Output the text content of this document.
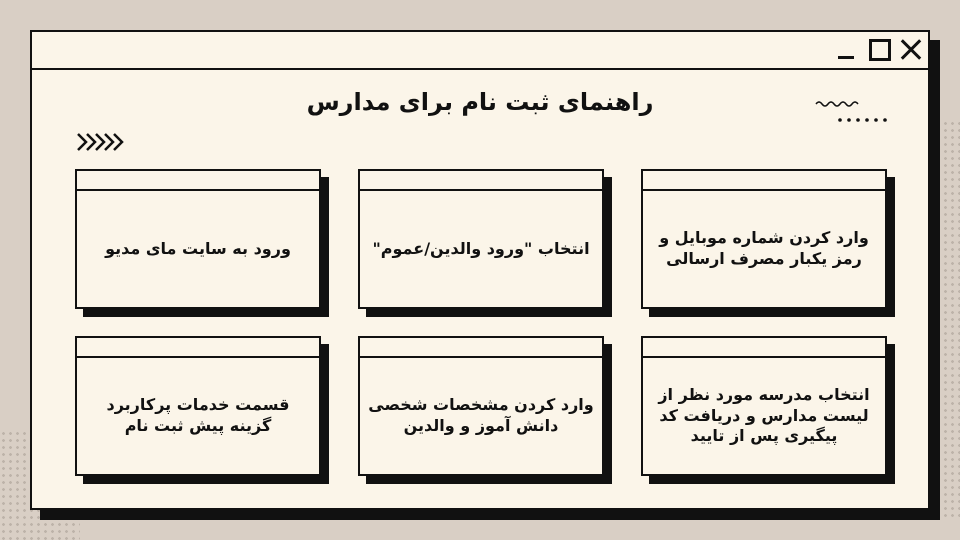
راهنمای ثبت نام برای مدارس
وارد کردن شماره موبایل و رمز یکبار مصرف ارسالی
انتخاب "ورود والدین/عموم"
ورود به سایت مای مدیو
انتخاب مدرسه مورد نظر از لیست مدارس و دریافت کد پیگیری پس از تایید
وارد کردن مشخصات شخصی دانش آموز و والدین
قسمت خدمات پرکاربرد گزینه پیش ثبت نام
